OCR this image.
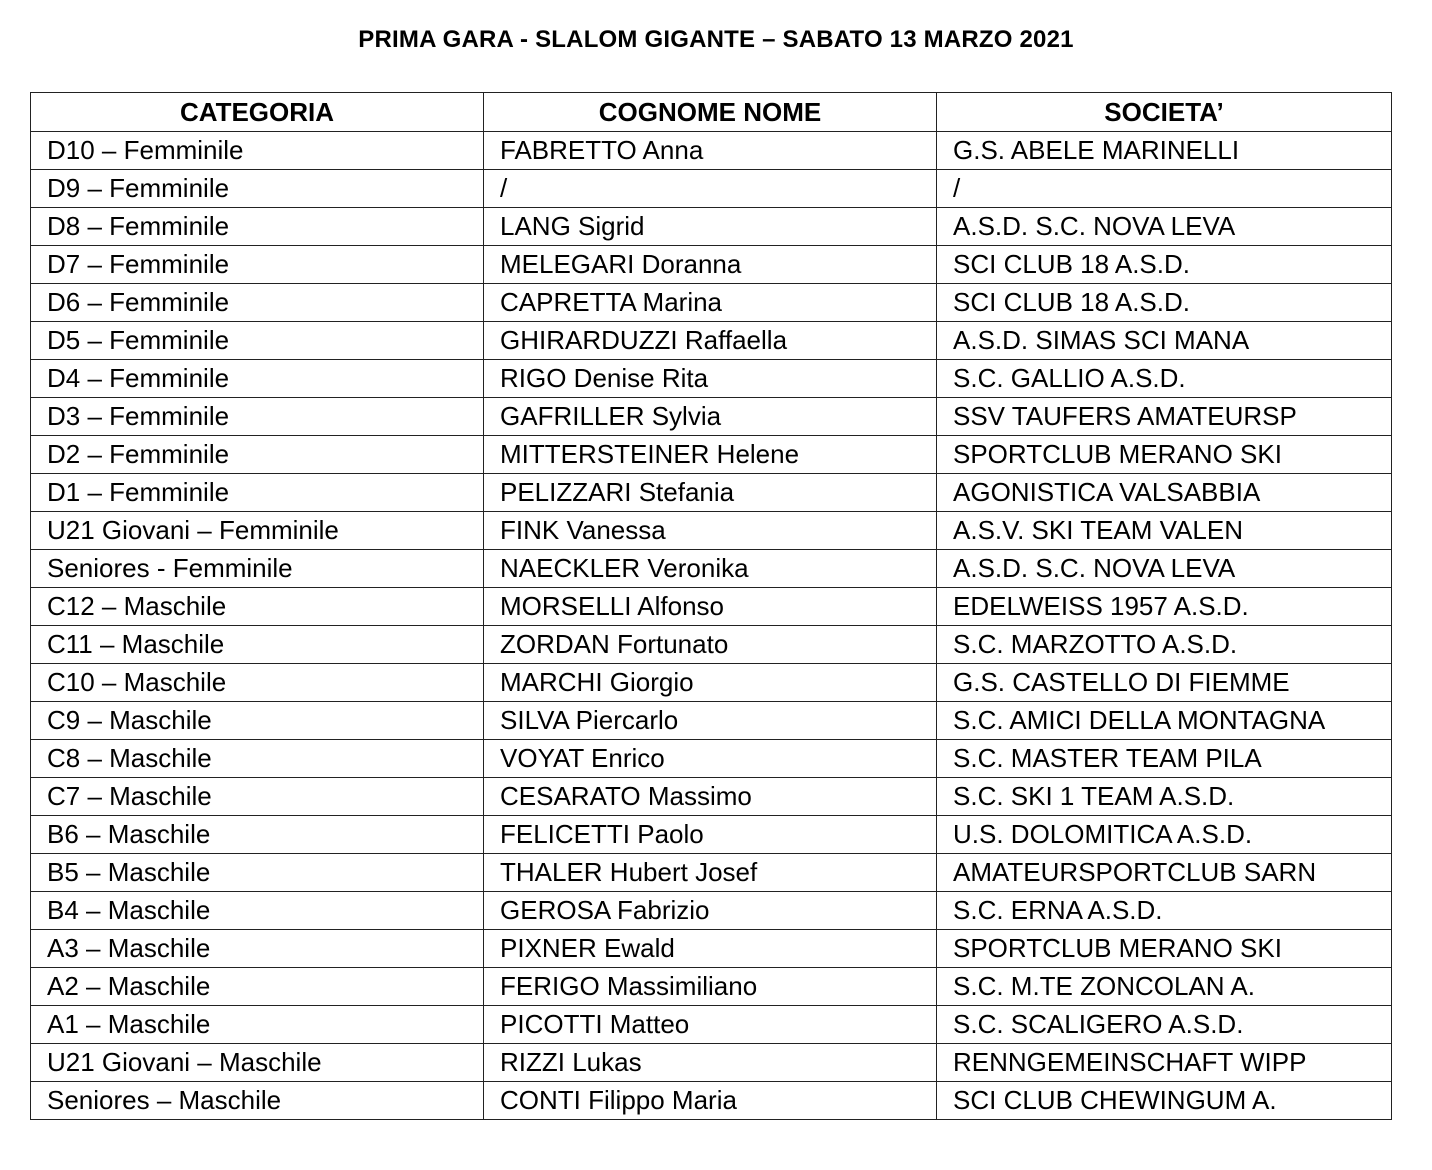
PRIMA GARA - SLALOM GIGANTE – SABATO 13 MARZO 2021
CATEGORIA	COGNOME NOME	SOCIETA’
D10 – Femminile	FABRETTO Anna	G.S. ABELE MARINELLI
D9 – Femminile	/	/
D8 – Femminile	LANG Sigrid	A.S.D. S.C. NOVA LEVA
D7 – Femminile	MELEGARI Doranna	SCI CLUB 18 A.S.D.
D6 – Femminile	CAPRETTA Marina	SCI CLUB 18 A.S.D.
D5 – Femminile	GHIRARDUZZI Raffaella	A.S.D. SIMAS SCI MANA
D4 – Femminile	RIGO Denise Rita	S.C. GALLIO A.S.D.
D3 – Femminile	GAFRILLER Sylvia	SSV TAUFERS AMATEURSP
D2 – Femminile	MITTERSTEINER Helene	SPORTCLUB MERANO SKI
D1 – Femminile	PELIZZARI Stefania	AGONISTICA VALSABBIA
U21 Giovani – Femminile	FINK Vanessa	A.S.V. SKI TEAM VALEN
Seniores - Femminile	NAECKLER Veronika	A.S.D. S.C. NOVA LEVA
C12 – Maschile	MORSELLI Alfonso	EDELWEISS 1957 A.S.D.
C11 – Maschile	ZORDAN Fortunato	S.C. MARZOTTO A.S.D.
C10 – Maschile	MARCHI Giorgio	G.S. CASTELLO DI FIEMME
C9 – Maschile	SILVA Piercarlo	S.C. AMICI DELLA MONTAGNA
C8 – Maschile	VOYAT Enrico	S.C. MASTER TEAM PILA
C7 – Maschile	CESARATO Massimo	S.C. SKI 1 TEAM A.S.D.
B6 – Maschile	FELICETTI Paolo	U.S. DOLOMITICA A.S.D.
B5 – Maschile	THALER Hubert Josef	AMATEURSPORTCLUB SARN
B4 – Maschile	GEROSA Fabrizio	S.C. ERNA A.S.D.
A3 – Maschile	PIXNER Ewald	SPORTCLUB MERANO SKI
A2 – Maschile	FERIGO Massimiliano	S.C. M.TE ZONCOLAN A.
A1 – Maschile	PICOTTI Matteo	S.C. SCALIGERO A.S.D.
U21 Giovani – Maschile	RIZZI Lukas	RENNGEMEINSCHAFT WIPP
Seniores – Maschile	CONTI Filippo Maria	SCI CLUB CHEWINGUM A.
